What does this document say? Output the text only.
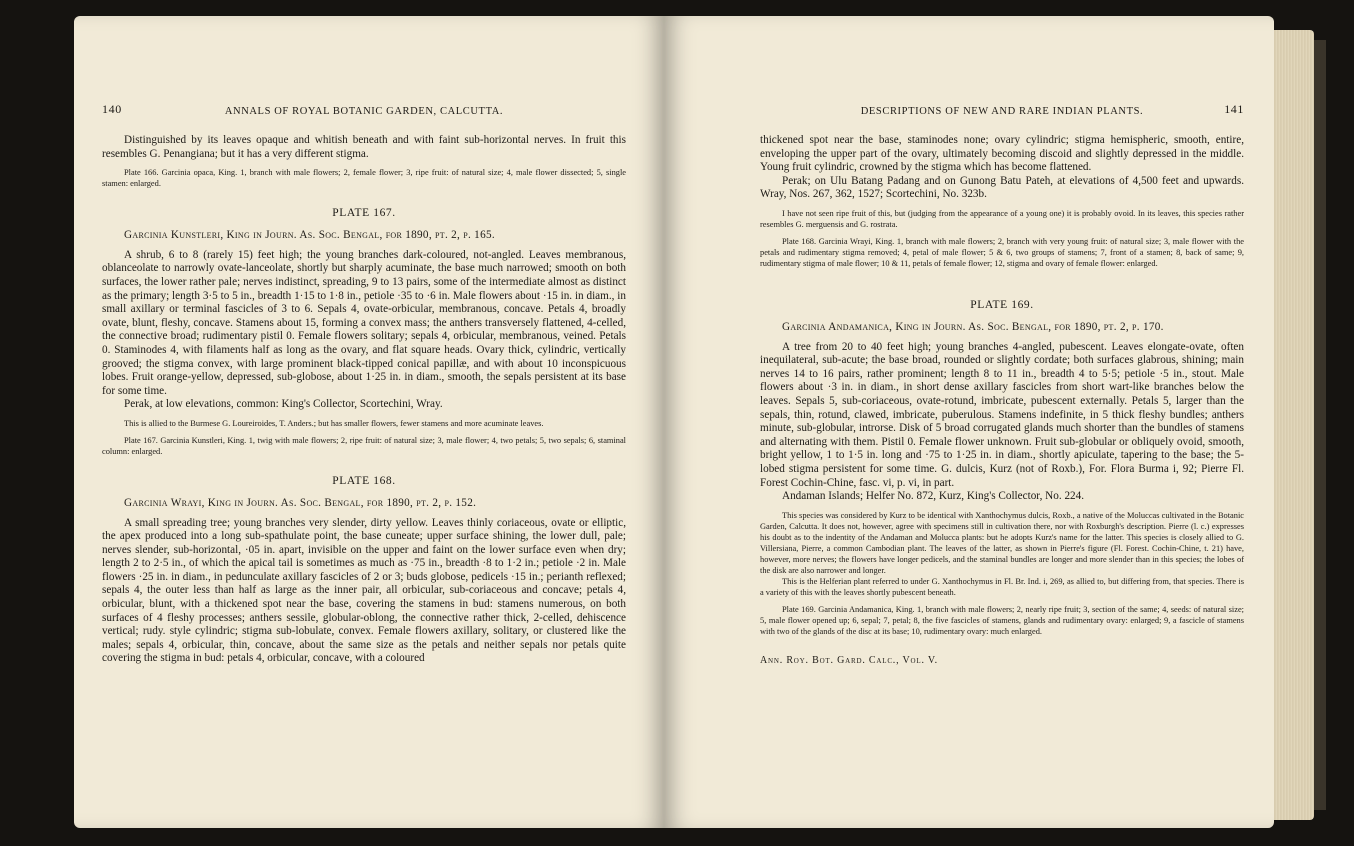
140	ANNALS OF ROYAL BOTANIC GARDEN, CALCUTTA.

Distinguished by its leaves opaque and whitish beneath and with faint sub-horizontal nerves. In fruit this resembles G. Penangiana; but it has a very different stigma.

Plate 166. Garcinia opaca, King. 1, branch with male flowers; 2, female flower; 3, ripe fruit: of natural size; 4, male flower dissected; 5, single stamen: enlarged.

PLATE 167.

Garcinia Kunstleri, King in Journ. As. Soc. Bengal, for 1890, pt. 2, p. 165.

A shrub, 6 to 8 (rarely 15) feet high; the young branches dark-coloured, not-angled. Leaves membranous, oblanceolate to narrowly ovate-lanceolate, shortly but sharply acuminate, the base much narrowed; smooth on both surfaces, the lower rather pale; nerves indistinct, spreading, 9 to 13 pairs, some of the intermediate almost as distinct as the primary; length 3·5 to 5 in., breadth 1·15 to 1·8 in., petiole ·35 to ·6 in. Male flowers about ·15 in. in diam., in small axillary or terminal fascicles of 3 to 6. Sepals 4, ovate-orbicular, membranous, concave. Petals 4, broadly ovate, blunt, fleshy, concave. Stamens about 15, forming a convex mass; the anthers transversely flattened, 4-celled, the connective broad; rudimentary pistil 0. Female flowers solitary; sepals 4, orbicular, membranous, veined. Petals 0. Staminodes 4, with filaments half as long as the ovary, and flat square heads. Ovary thick, cylindric, vertically grooved; the stigma convex, with large prominent black-tipped conical papillæ, and with about 10 inconspicuous lobes. Fruit orange-yellow, depressed, sub-globose, about 1·25 in. in diam., smooth, the sepals persistent at its base for some time.

Perak, at low elevations, common: King's Collector, Scortechini, Wray.

This is allied to the Burmese G. Loureiroides, T. Anders.; but has smaller flowers, fewer stamens and more acuminate leaves.

Plate 167. Garcinia Kunstleri, King. 1, twig with male flowers; 2, ripe fruit: of natural size; 3, male flower; 4, two petals; 5, two sepals; 6, staminal column: enlarged.

PLATE 168.

Garcinia Wrayi, King in Journ. As. Soc. Bengal, for 1890, pt. 2, p. 152.

A small spreading tree; young branches very slender, dirty yellow. Leaves thinly coriaceous, ovate or elliptic, the apex produced into a long sub-spathulate point, the base cuneate; upper surface shining, the lower dull, pale; nerves slender, sub-horizontal, ·05 in. apart, invisible on the upper and faint on the lower surface even when dry; length 2 to 2·5 in., of which the apical tail is sometimes as much as ·75 in., breadth ·8 to 1·2 in.; petiole ·2 in. Male flowers ·25 in. in diam., in pedunculate axillary fascicles of 2 or 3; buds globose, pedicels ·15 in.; perianth reflexed; sepals 4, the outer less than half as large as the inner pair, all orbicular, sub-coriaceous and concave; petals 4, orbicular, blunt, with a thickened spot near the base, covering the stamens in bud: stamens numerous, on both surfaces of 4 fleshy processes; anthers sessile, globular-oblong, the connective rather thick, 2-celled, dehiscence vertical; rudy. style cylindric; stigma sub-lobulate, convex. Female flowers axillary, solitary, or clustered like the males; sepals 4, orbicular, thin, concave, about the same size as the petals and neither sepals nor petals quite covering the stigma in bud: petals 4, orbicular, concave, with a coloured

DESCRIPTIONS OF NEW AND RARE INDIAN PLANTS.	141

thickened spot near the base, staminodes none; ovary cylindric; stigma hemispheric, smooth, entire, enveloping the upper part of the ovary, ultimately becoming discoid and slightly depressed in the middle. Young fruit cylindric, crowned by the stigma which has become flattened.

Perak; on Ulu Batang Padang and on Gunong Batu Pateh, at elevations of 4,500 feet and upwards. Wray, Nos. 267, 362, 1527; Scortechini, No. 323b.

I have not seen ripe fruit of this, but (judging from the appearance of a young one) it is probably ovoid. In its leaves, this species rather resembles G. merguensis and G. rostrata.

Plate 168. Garcinia Wrayi, King. 1, branch with male flowers; 2, branch with very young fruit: of natural size; 3, male flower with the petals and rudimentary stigma removed; 4, petal of male flower; 5 & 6, two groups of stamens; 7, front of a stamen; 8, back of same; 9, rudimentary stigma of male flower; 10 & 11, petals of female flower; 12, stigma and ovary of female flower: enlarged.

PLATE 169.

Garcinia Andamanica, King in Journ. As. Soc. Bengal, for 1890, pt. 2, p. 170.

A tree from 20 to 40 feet high; young branches 4-angled, pubescent. Leaves elongate-ovate, often inequilateral, sub-acute; the base broad, rounded or slightly cordate; both surfaces glabrous, shining; main nerves 14 to 16 pairs, rather prominent; length 8 to 11 in., breadth 4 to 5·5; petiole ·5 in., stout. Male flowers about ·3 in. in diam., in short dense axillary fascicles from short wart-like branches below the leaves. Sepals 5, sub-coriaceous, ovate-rotund, imbricate, pubescent externally. Petals 5, larger than the sepals, thin, rotund, clawed, imbricate, puberulous. Stamens indefinite, in 5 thick fleshy bundles; anthers minute, sub-globular, introrse. Disk of 5 broad corrugated glands much shorter than the bundles of stamens and alternating with them. Pistil 0. Female flower unknown. Fruit sub-globular or obliquely ovoid, smooth, bright yellow, 1 to 1·5 in. long and ·75 to 1·25 in. in diam., shortly apiculate, tapering to the base; the 5-lobed stigma persistent for some time. G. dulcis, Kurz (not of Roxb.), For. Flora Burma i, 92; Pierre Fl. Forest Cochin-Chine, fasc. vi, p. vi, in part.

Andaman Islands; Helfer No. 872, Kurz, King's Collector, No. 224.

This species was considered by Kurz to be identical with Xanthochymus dulcis, Roxb., a native of the Moluccas cultivated in the Botanic Garden, Calcutta. It does not, however, agree with specimens still in cultivation there, nor with Roxburgh's description. Pierre (l. c.) expresses his doubt as to the indentity of the Andaman and Molucca plants: but he adopts Kurz's name for the latter. This species is closely allied to G. Villersiana, Pierre, a common Cambodian plant. The leaves of the latter, as shown in Pierre's figure (Fl. Forest. Cochin-Chine, t. 21) have, however, more nerves; the flowers have longer pedicels, and the staminal bundles are longer and more slender than in this species; the lobes of the disk are also narrower and longer.

This is the Helferian plant referred to under G. Xanthochymus in Fl. Br. Ind. i, 269, as allied to, but differing from, that species. There is a variety of this with the leaves shortly pubescent beneath.

Plate 169. Garcinia Andamanica, King. 1, branch with male flowers; 2, nearly ripe fruit; 3, section of the same; 4, seeds: of natural size; 5, male flower opened up; 6, sepal; 7, petal; 8, the five fascicles of stamens, glands and rudimentary ovary: enlarged; 9, a fascicle of stamens with two of the glands of the disc at its base; 10, rudimentary ovary: much enlarged.

Ann. Roy. Bot. Gard. Calc., Vol. V.
